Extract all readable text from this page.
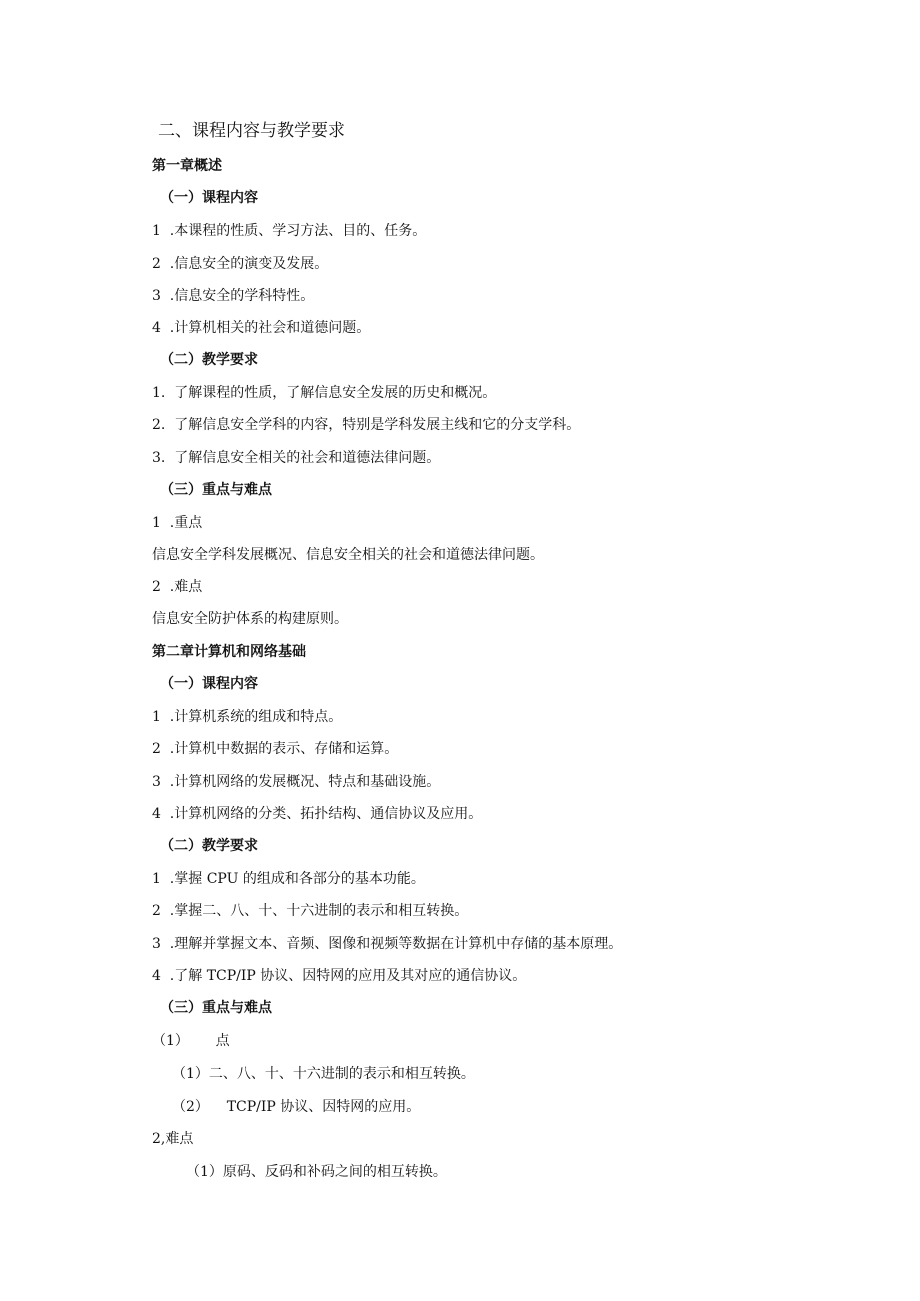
二、课程内容与教学要求
第一章概述
（一）课程内容
1  .本课程的性质、学习方法、目的、任务。
2  .信息安全的演变及发展。
3  .信息安全的学科特性。
4  .计算机相关的社会和道德问题。
（二）教学要求
1.  了解课程的性质，了解信息安全发展的历史和概况。
2.  了解信息安全学科的内容，特别是学科发展主线和它的分支学科。
3.  了解信息安全相关的社会和道德法律问题。
（三）重点与难点
1  .重点
信息安全学科发展概况、信息安全相关的社会和道德法律问题。
2  .难点
信息安全防护体系的构建原则。
第二章计算机和网络基础
（一）课程内容
1  .计算机系统的组成和特点。
2  .计算机中数据的表示、存储和运算。
3  .计算机网络的发展概况、特点和基础设施。
4  .计算机网络的分类、拓扑结构、通信协议及应用。
（二）教学要求
1  .掌握 CPU 的组成和各部分的基本功能。
2  .掌握二、八、十、十六进制的表示和相互转换。
3  .理解并掌握文本、音频、图像和视频等数据在计算机中存储的基本原理。
4  .了解 TCP/IP 协议、因特网的应用及其对应的通信协议。
（三）重点与难点
（1）      点
（1）二、八、十、十六进制的表示和相互转换。
（2）    TCP/IP 协议、因特网的应用。
2,难点
（1）原码、反码和补码之间的相互转换。
